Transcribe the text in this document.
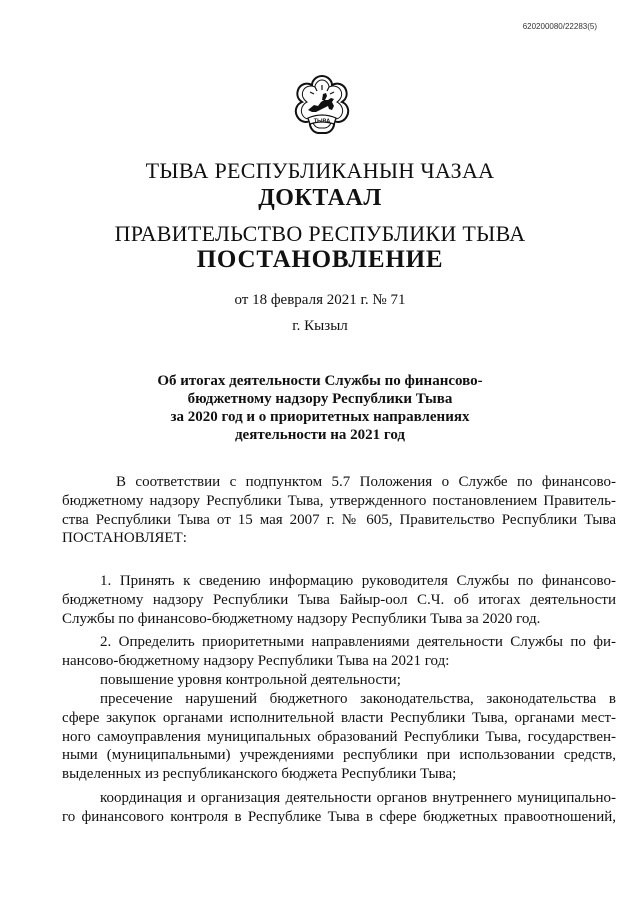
620200080/22283(5)
ТЫВА
ТЫВА РЕСПУБЛИКАНЫН ЧАЗАА
ДОКТААЛ
ПРАВИТЕЛЬСТВО РЕСПУБЛИКИ ТЫВА
ПОСТАНОВЛЕНИЕ
от 18 февраля 2021 г. № 71
г. Кызыл
Об итогах деятельности Службы по финансово-
бюджетному надзору Республики Тыва
за 2020 год и о приоритетных направлениях
деятельности на 2021 год
В соответствии с подпунктом 5.7 Положения о Службе по финансово-
бюджетному надзору Республики Тыва, утвержденного постановлением Правитель-
ства Республики Тыва от 15 мая 2007 г. № 605, Правительство Республики Тыва
ПОСТАНОВЛЯЕТ:
1. Принять к сведению информацию руководителя Службы по финансово-
бюджетному надзору Республики Тыва Байыр-оол С.Ч. об итогах деятельности
Службы по финансово-бюджетному надзору Республики Тыва за 2020 год.
2. Определить приоритетными направлениями деятельности Службы по фи-
нансово-бюджетному надзору Республики Тыва на 2021 год:
повышение уровня контрольной деятельности;
пресечение нарушений бюджетного законодательства, законодательства в
сфере закупок органами исполнительной власти Республики Тыва, органами мест-
ного самоуправления муниципальных образований Республики Тыва, государствен-
ными (муниципальными) учреждениями республики при использовании средств,
выделенных из республиканского бюджета Республики Тыва;
координация и организация деятельности органов внутреннего муниципально-
го финансового контроля в Республике Тыва в сфере бюджетных правоотношений,
